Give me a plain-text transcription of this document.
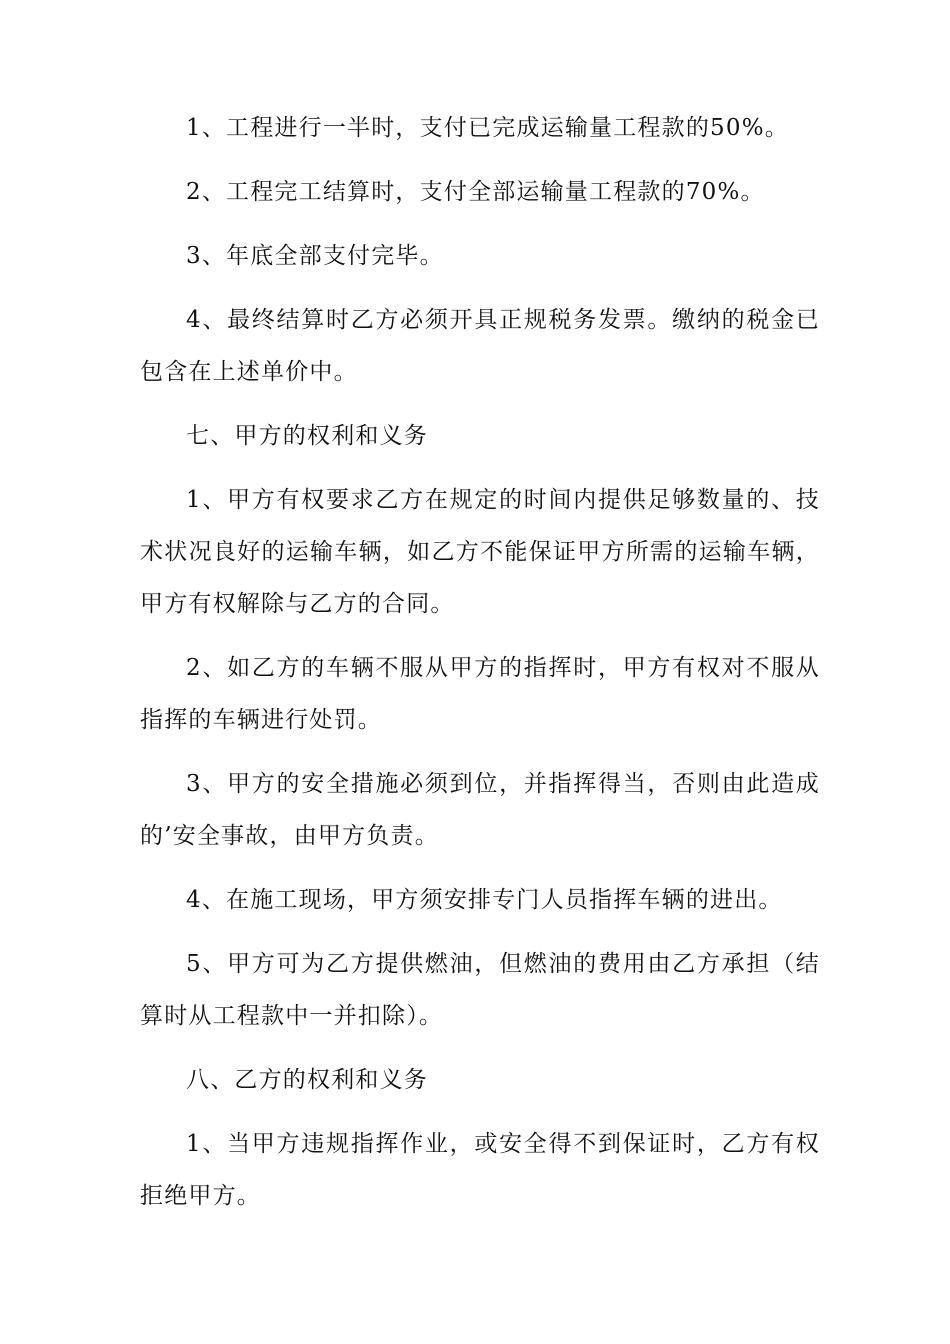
1、工程进行一半时，支付已完成运输量工程款的50%。

2、工程完工结算时，支付全部运输量工程款的70%。

3、年底全部支付完毕。

4、最终结算时乙方必须开具正规税务发票。缴纳的税金已包含在上述单价中。

七、甲方的权利和义务

1、甲方有权要求乙方在规定的时间内提供足够数量的、技术状况良好的运输车辆，如乙方不能保证甲方所需的运输车辆，甲方有权解除与乙方的合同。

2、如乙方的车辆不服从甲方的指挥时，甲方有权对不服从指挥的车辆进行处罚。

3、甲方的安全措施必须到位，并指挥得当，否则由此造成的’安全事故，由甲方负责。

4、在施工现场，甲方须安排专门人员指挥车辆的进出。

5、甲方可为乙方提供燃油，但燃油的费用由乙方承担（结算时从工程款中一并扣除）。

八、乙方的权利和义务

1、当甲方违规指挥作业，或安全得不到保证时，乙方有权拒绝甲方。
